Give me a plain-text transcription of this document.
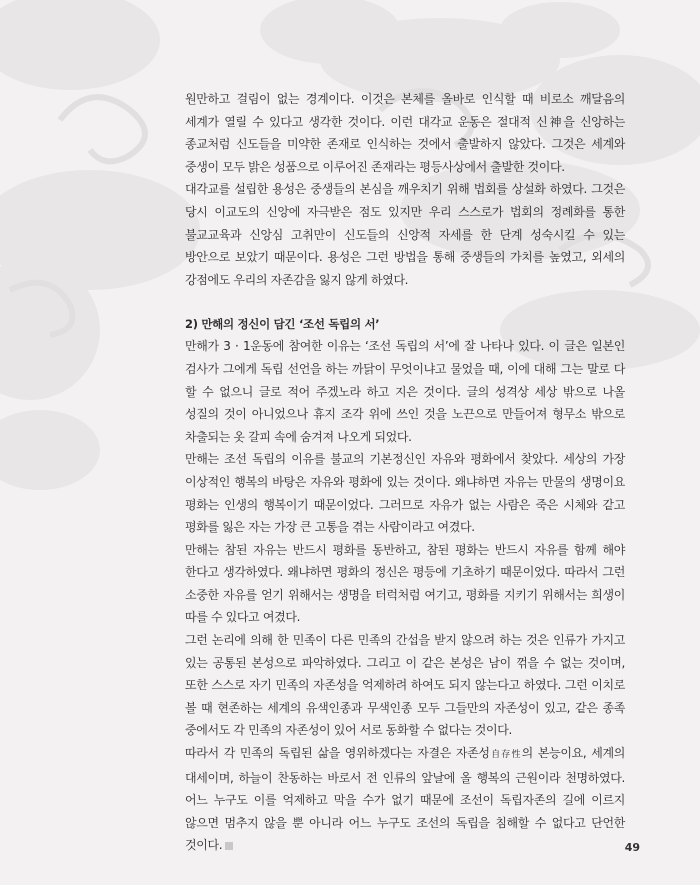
원만하고 걸림이 없는 경계이다. 이것은 본체를 올바로 인식할 때 비로소 깨달음의 세계가 열릴 수 있다고 생각한 것이다. 이런 대각교 운동은 절대적 신神을 신앙하는 종교처럼 신도들을 미약한 존재로 인식하는 것에서 출발하지 않았다. 그것은 세계와 중생이 모두 밝은 성품으로 이루어진 존재라는 평등사상에서 출발한 것이다.

대각교를 설립한 용성은 중생들의 본심을 깨우치기 위해 법회를 상설화 하였다. 그것은 당시 이교도의 신앙에 자극받은 점도 있지만 우리 스스로가 법회의 정례화를 통한 불교교육과 신앙심 고취만이 신도들의 신앙적 자세를 한 단계 성숙시킬 수 있는 방안으로 보았기 때문이다. 용성은 그런 방법을 통해 중생들의 가치를 높였고, 외세의 강점에도 우리의 자존감을 잃지 않게 하였다.

2) 만해의 정신이 담긴 ‘조선 독립의 서’

만해가 3 · 1운동에 참여한 이유는 ‘조선 독립의 서’에 잘 나타나 있다. 이 글은 일본인 검사가 그에게 독립 선언을 하는 까닭이 무엇이냐고 물었을 때, 이에 대해 그는 말로 다 할 수 없으니 글로 적어 주겠노라 하고 지은 것이다. 글의 성격상 세상 밖으로 나올 성질의 것이 아니었으나 휴지 조각 위에 쓰인 것을 노끈으로 만들어져 형무소 밖으로 차출되는 옷 갈피 속에 숨겨져 나오게 되었다.

만해는 조선 독립의 이유를 불교의 기본정신인 자유와 평화에서 찾았다. 세상의 가장 이상적인 행복의 바탕은 자유와 평화에 있는 것이다. 왜냐하면 자유는 만물의 생명이요 평화는 인생의 행복이기 때문이었다. 그러므로 자유가 없는 사람은 죽은 시체와 같고 평화를 잃은 자는 가장 큰 고통을 겪는 사람이라고 여겼다.

만해는 참된 자유는 반드시 평화를 동반하고, 참된 평화는 반드시 자유를 함께 해야 한다고 생각하였다. 왜냐하면 평화의 정신은 평등에 기초하기 때문이었다. 따라서 그런 소중한 자유를 얻기 위해서는 생명을 터럭처럼 여기고, 평화를 지키기 위해서는 희생이 따를 수 있다고 여겼다.

그런 논리에 의해 한 민족이 다른 민족의 간섭을 받지 않으려 하는 것은 인류가 가지고 있는 공통된 본성으로 파악하였다. 그리고 이 같은 본성은 남이 꺾을 수 없는 것이며, 또한 스스로 자기 민족의 자존성을 억제하려 하여도 되지 않는다고 하였다. 그런 이치로 볼 때 현존하는 세계의 유색인종과 무색인종 모두 그들만의 자존성이 있고, 같은 종족 중에서도 각 민족의 자존성이 있어 서로 동화할 수 없다는 것이다.

따라서 각 민족의 독립된 삶을 영위하겠다는 자결은 자존성自存性의 본능이요, 세계의 대세이며, 하늘이 찬동하는 바로서 전 인류의 앞날에 올 행복의 근원이라 천명하였다. 어느 누구도 이를 억제하고 막을 수가 없기 때문에 조선이 독립자존의 길에 이르지 않으면 멈추지 않을 뿐 아니라 어느 누구도 조선의 독립을 침해할 수 없다고 단언한 것이다.	49
